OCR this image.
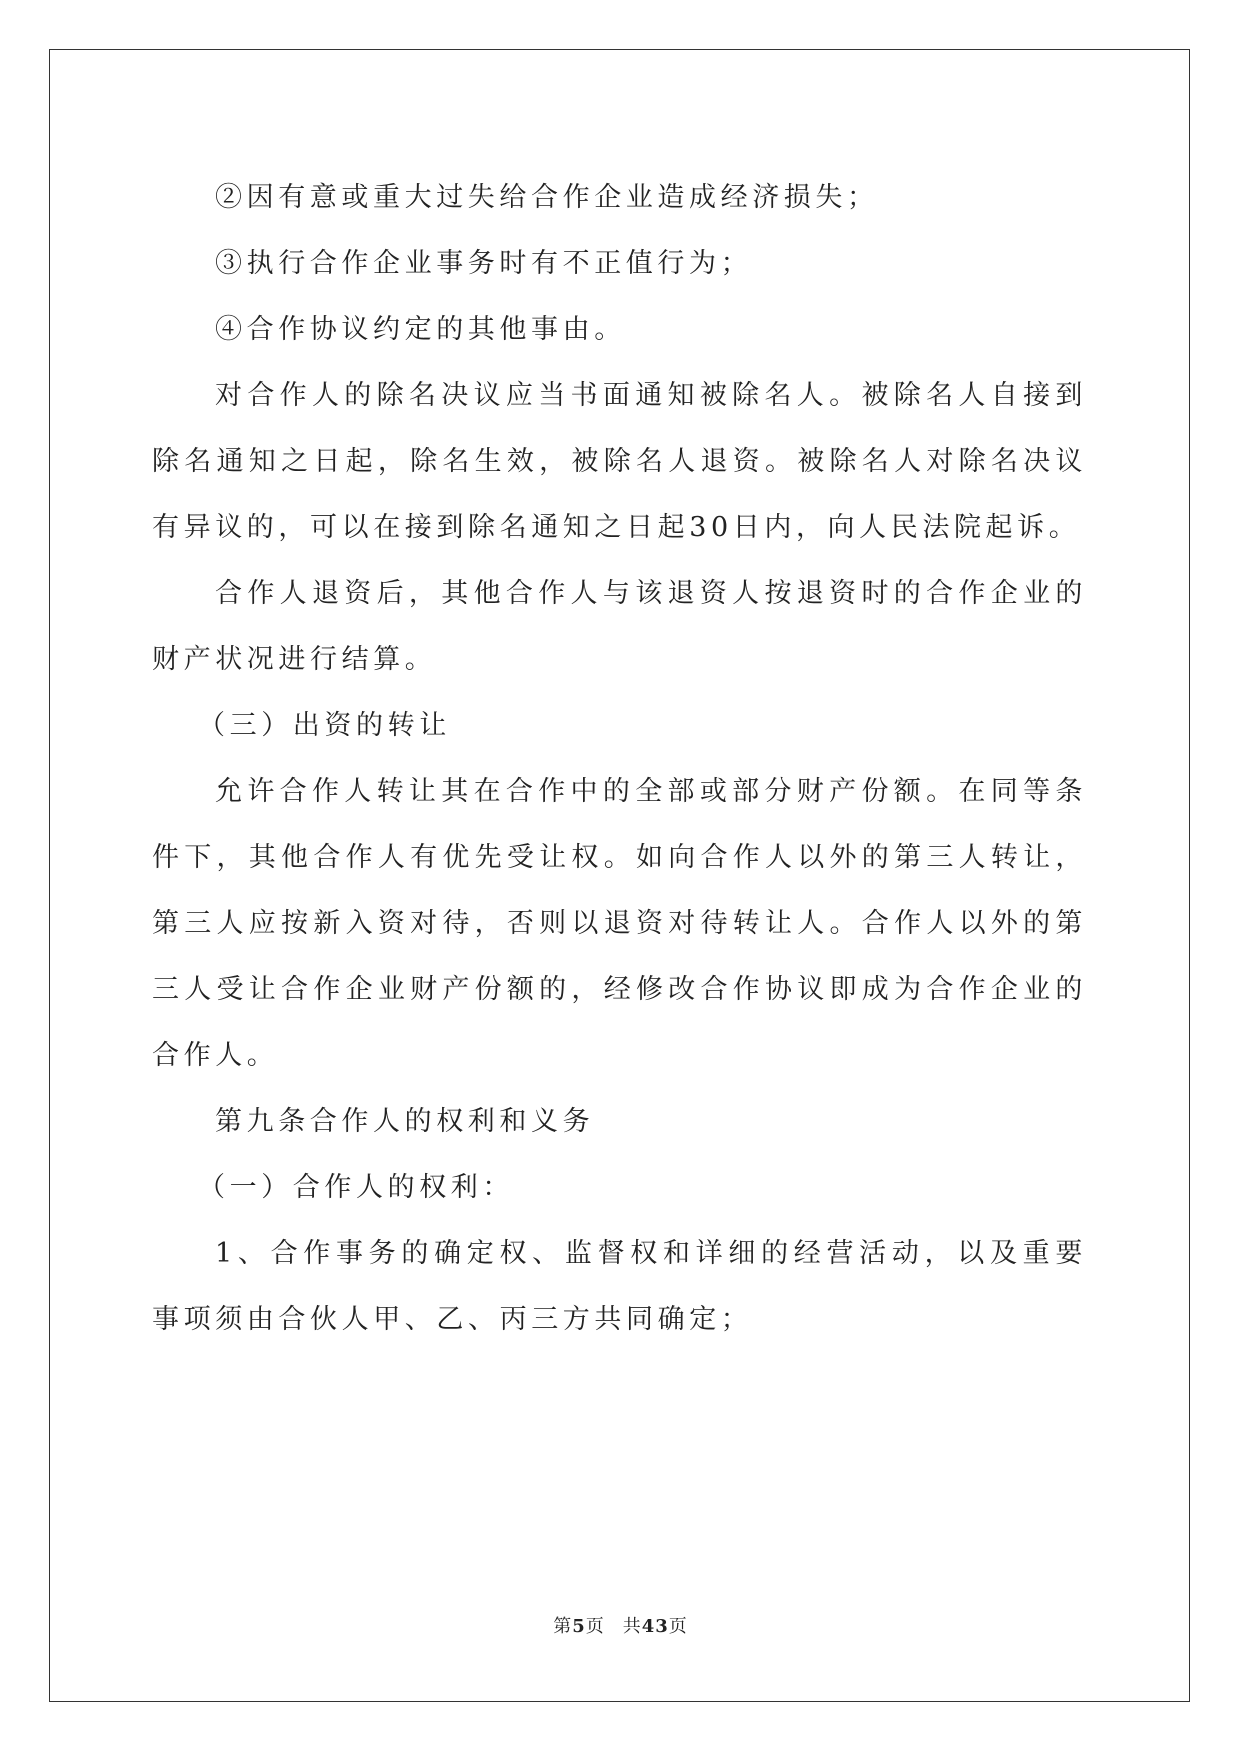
②因有意或重大过失给合作企业造成经济损失；

③执行合作企业事务时有不正值行为；

④合作协议约定的其他事由。

对合作人的除名决议应当书面通知被除名人。被除名人自接到除名通知之日起，除名生效，被除名人退资。被除名人对除名决议有异议的，可以在接到除名通知之日起30日内，向人民法院起诉。

合作人退资后，其他合作人与该退资人按退资时的合作企业的财产状况进行结算。

（三）出资的转让

允许合作人转让其在合作中的全部或部分财产份额。在同等条件下，其他合作人有优先受让权。如向合作人以外的第三人转让，第三人应按新入资对待，否则以退资对待转让人。合作人以外的第三人受让合作企业财产份额的，经修改合作协议即成为合作企业的合作人。

第九条合作人的权利和义务

（一）合作人的权利：

1、合作事务的确定权、监督权和详细的经营活动，以及重要事项须由合伙人甲、乙、丙三方共同确定；

第5页 共43页
